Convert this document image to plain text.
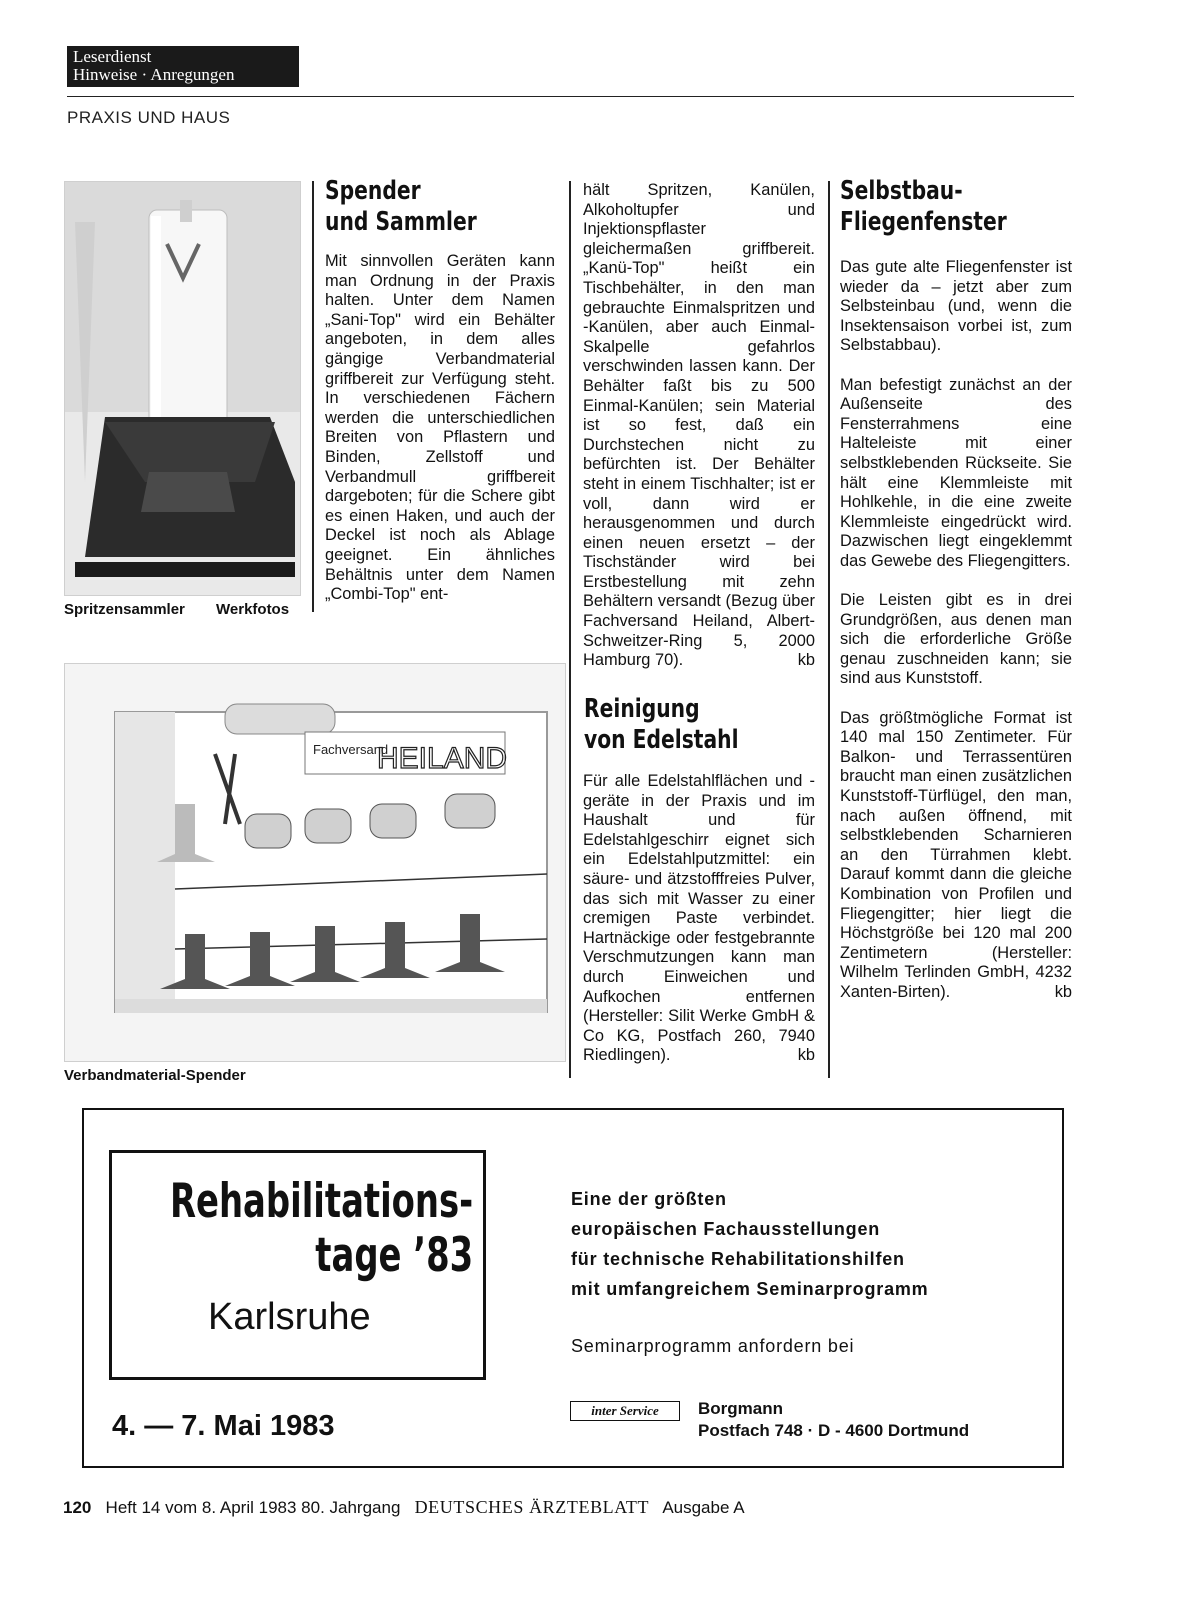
Leserdienst
Hinweise · Anregungen
PRAXIS UND HAUS
Spritzensammler Werkfotos
Fachversand
HEILAND
Verbandmaterial-Spender
Spender
und Sammler
Mit sinnvollen Geräten kann man Ordnung in der Praxis halten. Unter dem Namen „Sani-Top" wird ein Behälter angeboten, in dem alles gängige Verbandmaterial griffbereit zur Verfügung steht. In verschiedenen Fächern werden die unterschiedlichen Breiten von Pflastern und Binden, Zellstoff und Verbandmull griffbereit dargeboten; für die Schere gibt es einen Haken, und auch der Deckel ist noch als Ablage geeignet. Ein ähnliches Behältnis unter dem Namen „Combi-Top" ent-
hält Spritzen, Kanülen, Alkoholtupfer und Injektionspflaster gleichermaßen griffbereit. „Kanü-Top" heißt ein Tischbehälter, in den man gebrauchte Einmalspritzen und -Kanülen, aber auch Einmal-Skalpelle gefahrlos verschwinden lassen kann. Der Behälter faßt bis zu 500 Einmal-Kanülen; sein Material ist so fest, daß ein Durchstechen nicht zu befürchten ist. Der Behälter steht in einem Tischhalter; ist er voll, dann wird er herausgenommen und durch einen neuen ersetzt – der Tischständer wird bei Erstbestellung mit zehn Behältern versandt (Bezug über Fachversand Heiland, Albert-Schweitzer-Ring 5, 2000 Hamburg 70).	kb
Reinigung
von Edelstahl
Für alle Edelstahlflächen und -geräte in der Praxis und im Haushalt und für Edelstahlgeschirr eignet sich ein Edelstahlputzmittel: ein säure- und ätzstofffreies Pulver, das sich mit Wasser zu einer cremigen Paste verbindet. Hartnäckige oder festgebrannte Verschmutzungen kann man durch Einweichen und Aufkochen entfernen (Hersteller: Silit Werke GmbH & Co KG, Postfach 260, 7940 Riedlingen).	kb
Selbstbau-
Fliegenfenster

Das gute alte Fliegenfenster ist wieder da – jetzt aber zum Selbsteinbau (und, wenn die Insektensaison vorbei ist, zum Selbstabbau).

Man befestigt zunächst an der Außenseite des Fensterrahmens eine Halteleiste mit einer selbstklebenden Rückseite. Sie hält eine Klemmleiste mit Hohlkehle, in die eine zweite Klemmleiste eingedrückt wird. Dazwischen liegt eingeklemmt das Gewebe des Fliegengitters.

Die Leisten gibt es in drei Grundgrößen, aus denen man sich die erforderliche Größe genau zuschneiden kann; sie sind aus Kunststoff.

Das größtmögliche Format ist 140 mal 150 Zentimeter. Für Balkon- und Terrassentüren braucht man einen zusätzlichen Kunststoff-Türflügel, den man, nach außen öffnend, mit selbstklebenden Scharnieren an den Türrahmen klebt. Darauf kommt dann die gleiche Kombination von Profilen und Fliegengitter; hier liegt die Höchstgröße bei 120 mal 200 Zentimetern (Hersteller: Wilhelm Terlinden GmbH, 4232 Xanten-Birten).	kb

Rehabilitations-
tage ’83
Karlsruhe
4. — 7. Mai 1983
Eine der größten
europäischen Fachausstellungen
für technische Rehabilitationshilfen
mit umfangreichem Seminarprogramm
Seminarprogramm anfordern bei
inter Service	Borgmann
Postfach 748 · D - 4600 Dortmund
120 Heft 14 vom 8. April 1983 80. Jahrgang DEUTSCHES ÄRZTEBLATT Ausgabe A
